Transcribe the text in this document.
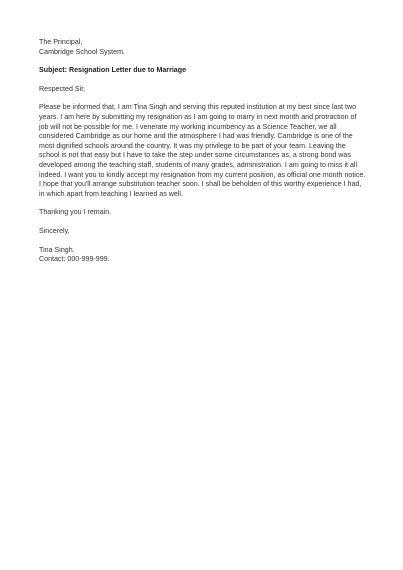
The Principal,
Cambridge School System.
Subject: Resignation Letter due to Marriage
Respected Sir,
Please be informed that, I am Tina Singh and serving this reputed institution at my best since last two
years. I am here by submitting my resignation as I am going to marry in next month and protraction of
job will not be possible for me. I venerate my working incumbency as a Science Teacher, we all
considered Cambridge as our home and the atmosphere I had was friendly. Cambridge is one of the
most dignified schools around the country. It was my privilege to be part of your team. Leaving the
school is not that easy but I have to take the step under some circumstances as, a strong bond was
developed among the teaching staff, students of many grades, administration. I am going to miss it all
indeed. I want you to kindly accept my resignation from my current position, as official one month notice.
I hope that you'll arrange substitution teacher soon. I shall be beholden of this worthy experience I had,
in which apart from teaching I learned as well.
Thanking you I remain.
Sincerely,
Tina Singh.
Contact: 000-999-999.
